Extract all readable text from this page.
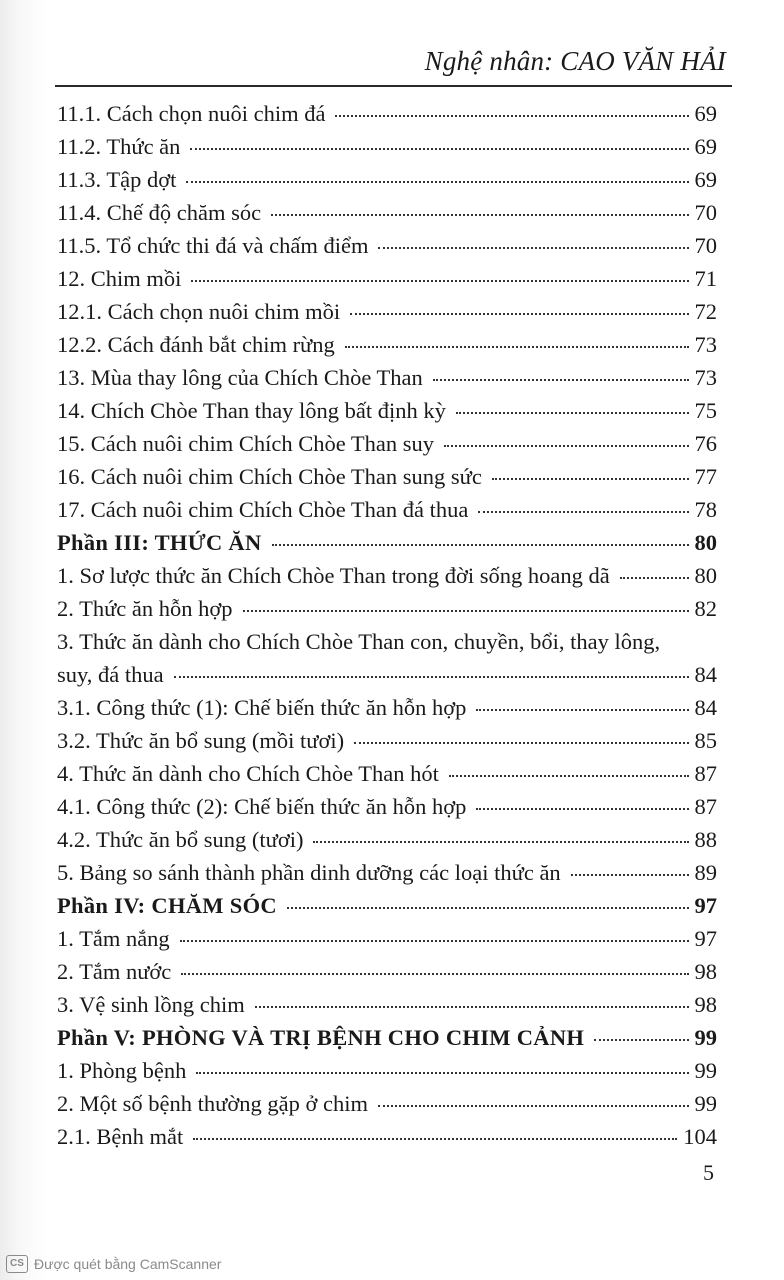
Nghệ nhân: CAO VĂN HẢI
11.1. Cách chọn nuôi chim đá	69
11.2. Thức ăn	69
11.3. Tập dợt	69
11.4. Chế độ chăm sóc	70
11.5. Tổ chức thi đá và chấm điểm	70
12. Chim mồi	71
12.1. Cách chọn nuôi chim mồi	72
12.2. Cách đánh bắt chim rừng	73
13. Mùa thay lông của Chích Chòe Than	73
14. Chích Chòe Than thay lông bất định kỳ	75
15. Cách nuôi chim Chích Chòe Than suy	76
16. Cách nuôi chim Chích Chòe Than sung sức	77
17. Cách nuôi chim Chích Chòe Than đá thua	78
Phần III: THỨC ĂN	80
1. Sơ lược thức ăn Chích Chòe Than trong đời sống hoang dã	80
2. Thức ăn hỗn hợp	82
3. Thức ăn dành cho Chích Chòe Than con, chuyền, bổi, thay lông,
suy, đá thua	84
3.1. Công thức (1): Chế biến thức ăn hỗn hợp	84
3.2. Thức ăn bổ sung (mồi tươi)	85
4. Thức ăn dành cho Chích Chòe Than hót	87
4.1. Công thức (2): Chế biến thức ăn hỗn hợp	87
4.2. Thức ăn bổ sung (tươi)	88
5. Bảng so sánh thành phần dinh dưỡng các loại thức ăn	89
Phần IV: CHĂM SÓC	97
1. Tắm nắng	97
2. Tắm nước	98
3. Vệ sinh lồng chim	98
Phần V: PHÒNG VÀ TRỊ BỆNH CHO CHIM CẢNH	99
1. Phòng bệnh	99
2. Một số bệnh thường gặp ở chim	99
2.1. Bệnh mắt	104
5
CS Được quét bằng CamScanner
